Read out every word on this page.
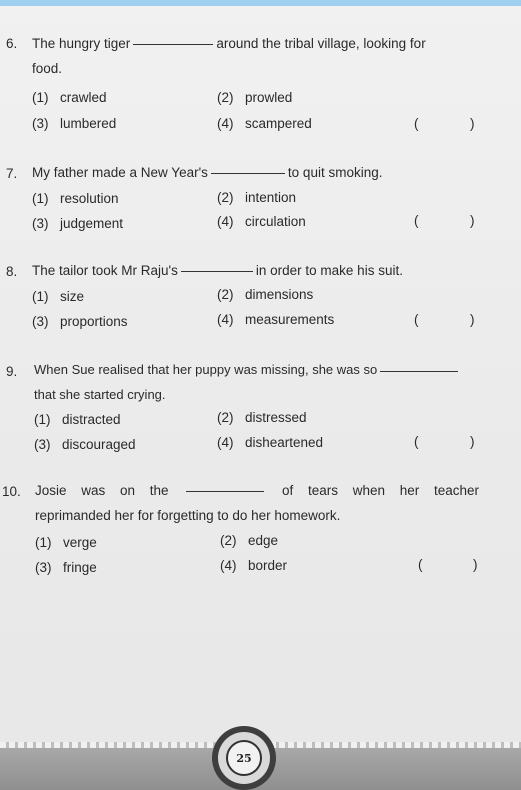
6. The hungry tiger	around the tribal village, looking for
food.
(1) crawled	(2) prowled
(3) lumbered	(4) scampered	(	)
7. My father made a New Year's	to quit smoking.
(1) resolution	(2) intention
(3) judgement	(4) circulation	(	)
8. The tailor took Mr Raju's	in order to make his suit.
(1) size	(2) dimensions
(3) proportions	(4) measurements	(	)
9. When Sue realised that her puppy was missing, she was so
that she started crying.
(1) distracted	(2) distressed
(3) discouraged	(4) disheartened	(	)
10. Josie was on the	of tears when her teacher
reprimanded her for forgetting to do her homework.
(1) verge	(2) edge
(3) fringe	(4) border	(	)
25
